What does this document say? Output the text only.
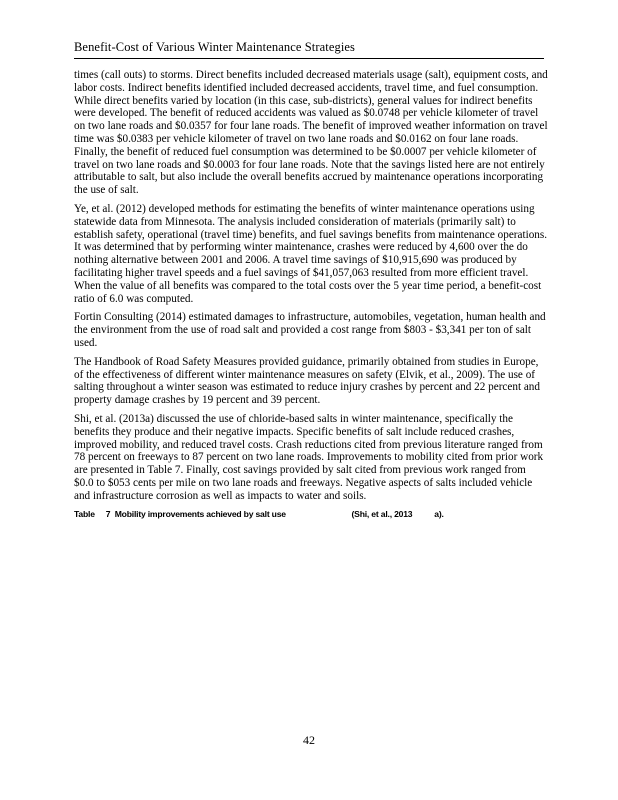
Benefit-Cost of Various Winter Maintenance Strategies

times (call outs) to storms. Direct benefits included decreased materials usage (salt), equipment costs, and labor costs. Indirect benefits identified included decreased accidents, travel time, and fuel consumption. While direct benefits varied by location (in this case, sub-districts), general values for indirect benefits were developed. The benefit of reduced accidents was valued as $0.0748 per vehicle kilometer of travel on two lane roads and $0.0357 for four lane roads. The benefit of improved weather information on travel time was $0.0383 per vehicle kilometer of travel on two lane roads and $0.0162 on four lane roads. Finally, the benefit of reduced fuel consumption was determined to be $0.0007 per vehicle kilometer of travel on two lane roads and $0.0003 for four lane roads. Note that the savings listed here are not entirely attributable to salt, but also include the overall benefits accrued by maintenance operations incorporating the use of salt.

Ye, et al. (2012) developed methods for estimating the benefits of winter maintenance operations using statewide data from Minnesota. The analysis included consideration of materials (primarily salt) to establish safety, operational (travel time) benefits, and fuel savings benefits from maintenance operations. It was determined that by performing winter maintenance, crashes were reduced by 4,600 over the do nothing alternative between 2001 and 2006. A travel time savings of $10,915,690 was produced by facilitating higher travel speeds and a fuel savings of $41,057,063 resulted from more efficient travel. When the value of all benefits was compared to the total costs over the 5 year time period, a benefit-cost ratio of 6.0 was computed.

Fortin Consulting (2014) estimated damages to infrastructure, automobiles, vegetation, human health and the environment from the use of road salt and provided a cost range from $803 - $3,341 per ton of salt used.

The Handbook of Road Safety Measures provided guidance, primarily obtained from studies in Europe, of the effectiveness of different winter maintenance measures on safety (Elvik, et al., 2009). The use of salting throughout a winter season was estimated to reduce injury crashes by percent and 22 percent and property damage crashes by 19 percent and 39 percent.

Shi, et al. (2013a) discussed the use of chloride-based salts in winter maintenance, specifically the benefits they produce and their negative impacts. Specific benefits of salt include reduced crashes, improved mobility, and reduced travel costs. Crash reductions cited from previous literature ranged from 78 percent on freeways to 87 percent on two lane roads. Improvements to mobility cited from prior work are presented in Table 7. Finally, cost savings provided by salt cited from previous work ranged from $0.0 to $053 cents per mile on two lane roads and freeways. Negative aspects of salts included vehicle and infrastructure corrosion as well as impacts to water and soils.

Table     7  Mobility improvements achieved by salt use                              (Shi, et al., 2013          a).
42
